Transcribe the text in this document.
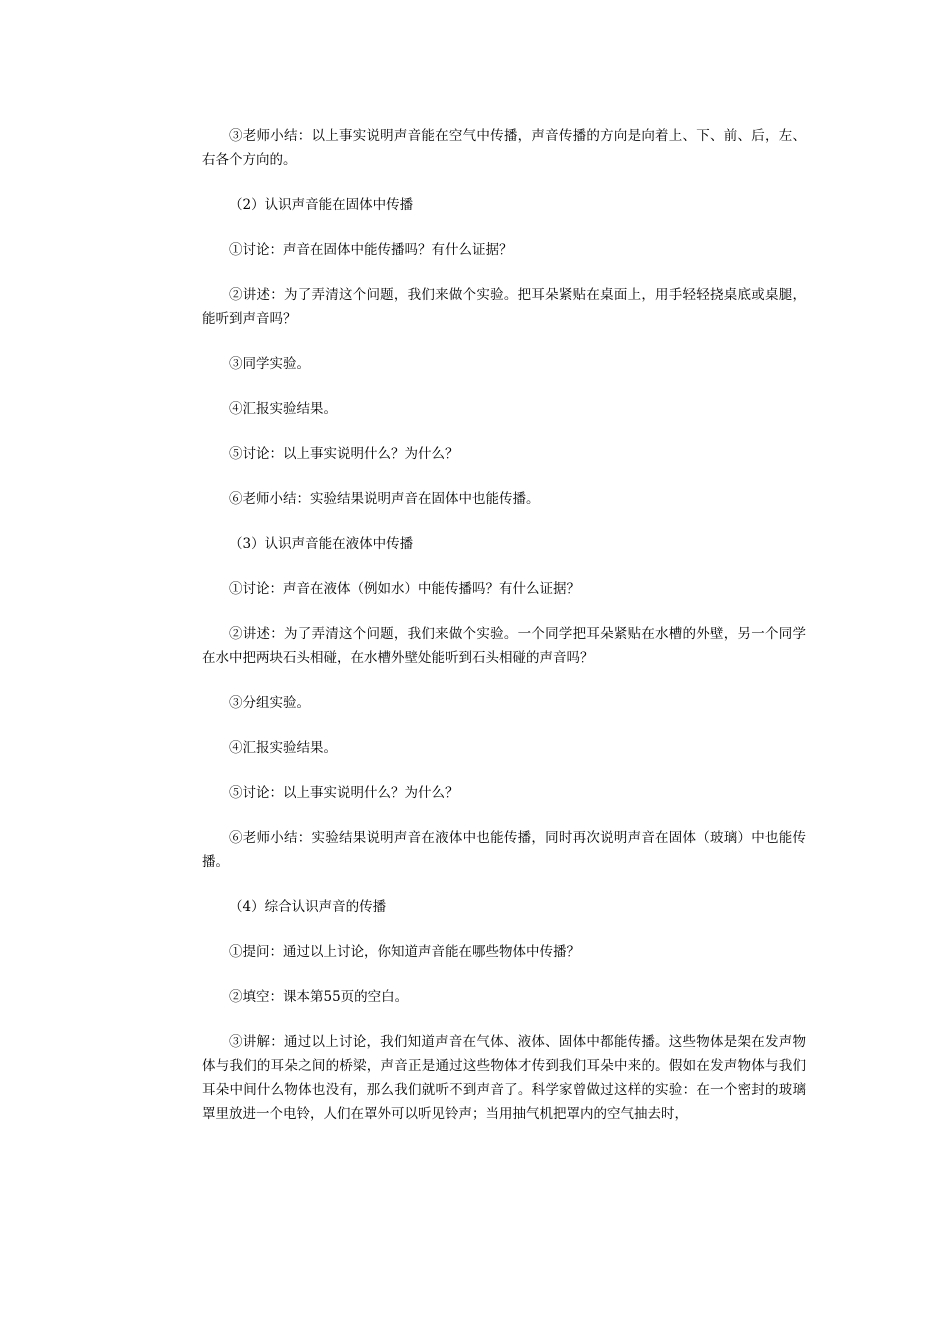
③老师小结：以上事实说明声音能在空气中传播，声音传播的方向是向着上、下、前、后，左、右各个方向的。

（2）认识声音能在固体中传播

①讨论：声音在固体中能传播吗？有什么证据？

②讲述：为了弄清这个问题，我们来做个实验。把耳朵紧贴在桌面上，用手轻轻挠桌底或桌腿，能听到声音吗？

③同学实验。

④汇报实验结果。

⑤讨论：以上事实说明什么？为什么？

⑥老师小结：实验结果说明声音在固体中也能传播。

（3）认识声音能在液体中传播

①讨论：声音在液体（例如水）中能传播吗？有什么证据？

②讲述：为了弄清这个问题，我们来做个实验。一个同学把耳朵紧贴在水槽的外壁，另一个同学在水中把两块石头相碰，在水槽外壁处能听到石头相碰的声音吗？

③分组实验。

④汇报实验结果。

⑤讨论：以上事实说明什么？为什么？

⑥老师小结：实验结果说明声音在液体中也能传播，同时再次说明声音在固体（玻璃）中也能传播。

（4）综合认识声音的传播

①提问：通过以上讨论，你知道声音能在哪些物体中传播？

②填空：课本第55页的空白。

③讲解：通过以上讨论，我们知道声音在气体、液体、固体中都能传播。这些物体是架在发声物体与我们的耳朵之间的桥梁，声音正是通过这些物体才传到我们耳朵中来的。假如在发声物体与我们耳朵中间什么物体也没有，那么我们就听不到声音了。科学家曾做过这样的实验：在一个密封的玻璃罩里放进一个电铃，人们在罩外可以听见铃声；当用抽气机把罩内的空气抽去时，
